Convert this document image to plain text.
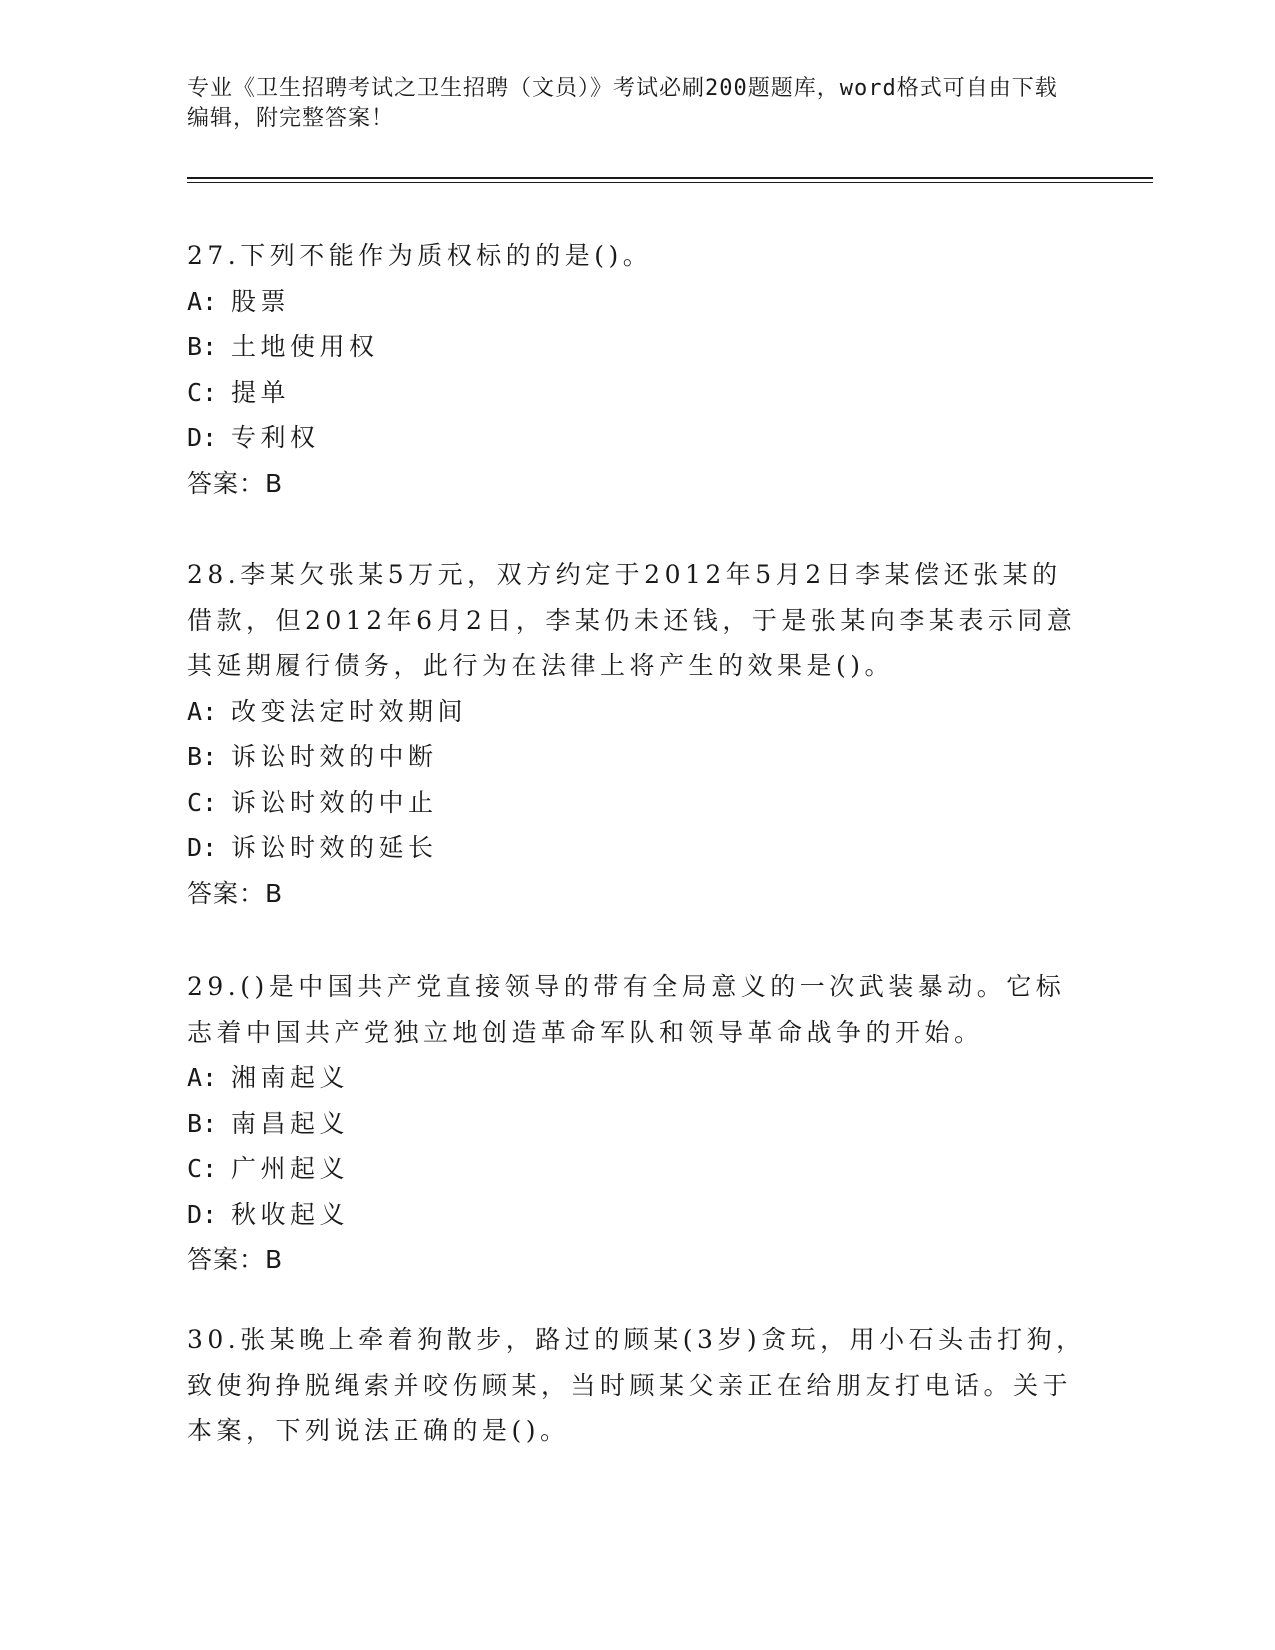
专业《卫生招聘考试之卫生招聘（文员）》考试必刷200题题库，word格式可自由下载编辑，附完整答案！

27.下列不能作为质权标的的是()。

A: 股票

B: 土地使用权

C: 提单

D: 专利权

答案：B

28.李某欠张某5万元，双方约定于2012年5月2日李某偿还张某的借款，但2012年6月2日，李某仍未还钱，于是张某向李某表示同意其延期履行债务，此行为在法律上将产生的效果是()。

A: 改变法定时效期间

B: 诉讼时效的中断

C: 诉讼时效的中止

D: 诉讼时效的延长

答案：B

29.()是中国共产党直接领导的带有全局意义的一次武装暴动。它标志着中国共产党独立地创造革命军队和领导革命战争的开始。

A: 湘南起义

B: 南昌起义

C: 广州起义

D: 秋收起义

答案：B

30.张某晚上牵着狗散步，路过的顾某(3岁)贪玩，用小石头击打狗，致使狗挣脱绳索并咬伤顾某，当时顾某父亲正在给朋友打电话。关于本案，下列说法正确的是()。
